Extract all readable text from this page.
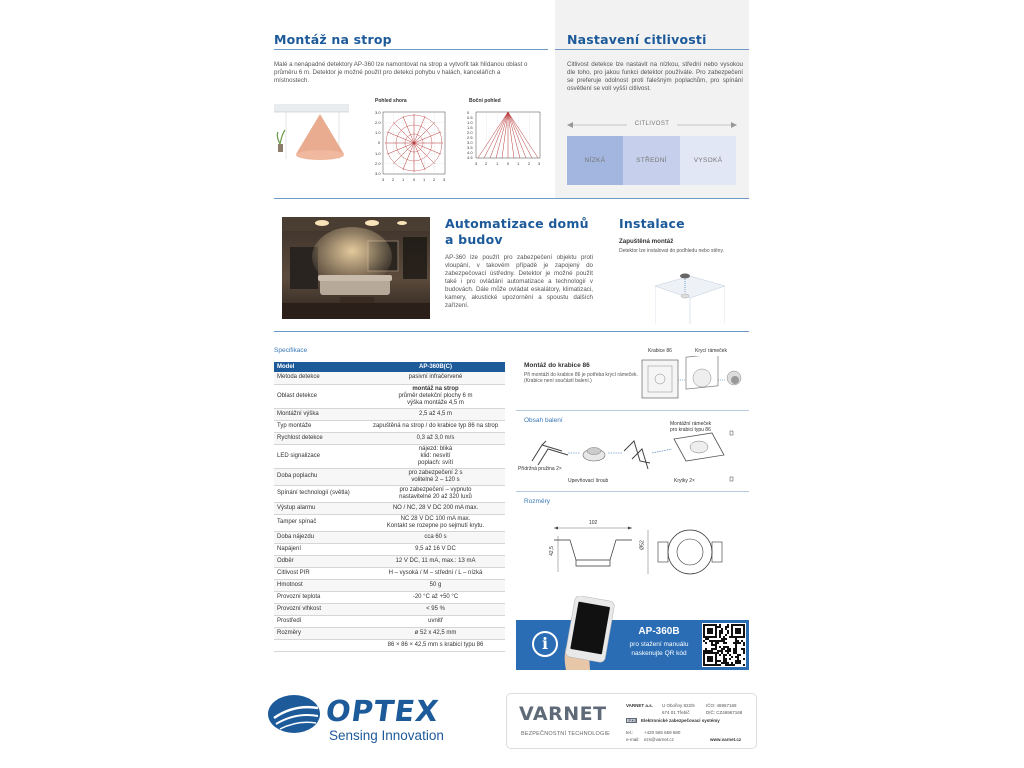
Montáž na strop

Malé a nenápadné detektory AP-360 lze namontovat na strop a vytvořit tak hlídanou oblast o průměru 6 m. Detektor je možné použít pro detekci pohybu v halách, kancelářích a místnostech.

Pohled shora
3.0
2.0
1.0
0
1.0
2.0
3.0
3 2 1 0 1 2 3
Boční pohled
3 2 1 0 1 2 3
0
0.5
1.0
1.5
2.0
2.5
3.0
3.5
4.0
4.5
Nastavení citlivosti

Citlivost detekce lze nastavit na nízkou, střední nebo vysokou dle toho, pro jakou funkci detektor používáte. Pro zabezpečení se preferuje odolnost proti falešným poplachům, pro spínání osvětlení se volí vyšší citlivost.

CITLIVOST
NÍZKÁ	STŘEDNÍ	VYSOKÁ
Automatizace domů
a budov

AP-360 lze použít pro zabezpečení objektu proti vloupání, v takovém případě je zapojený do zabezpečovací ústředny. Detektor je možné použít také i pro ovládání automatizace a technologií v budovách. Dále může ovládat eskalátory, klimatizaci, kamery, akustické upozornění a spoustu dalších zařízení.

Instalace
Zapuštěná montáž
Detektor lze instalovat do podhledu nebo stěny.
Specifikace
Model	AP-360B(C)
Metoda detekce	pasivní infračervené

Oblast detekce	montáž na strop
průměr detekční plochy 6 m
výška montáže 4,5 m

Montážní výška	2,5 až 4,5 m

Typ montáže	zapuštěná na strop / do krabice typ 86 na strop

Rychlost detekce	0,3 až 3,0 m/s

LED signalizace	nájezd: bliká
klid: nesvítí
poplach: svítí

Doba poplachu	pro zabezpečení 2 s
volitelné 2 – 120 s

Spínání technologií (světla)	pro zabezpečení – vypnuto
nastavitelné 20 až 320 luxů

Výstup alarmu	NO / NC, 28 V DC 200 mA max.

Tamper spínač	NC 28 V DC 100 mA max.
Kontakt se rozepne po sejmutí krytu.

Doba nájezdu	cca 60 s

Napájení	9,5 až 16 V DC

Odběr	12 V DC, 11 mA, max.: 13 mA

Citlivost PIR	H – vysoká / M – střední / L – nízká

Hmotnost	50 g

Provozní teplota	-20 °C až +50 °C

Provozní vlhkost	< 95 %

Prostředí	uvnitř

Rozměry	ø 52 x 42,5 mm

	86 × 86 × 42,5 mm s krabicí typu 86
Montáž do krabice 86
Při montáži do krabice 86 je potřeba krycí rámeček. (Krabice není součástí balení.)
Krabice 86	Krycí rámeček
Obsah balení
Přídržná pružina 2×
Upevňovací šroub
Montážní rámeček
pro krabici typu 86
Krytky 2×
Rozměry
102
42,5
Ø52
i
AP-360B
pro stažení manuálu
naskenujte QR kód
OPTEX
Sensing Innovation
VARNET
BEZPEČNOSTNÍ TECHNOLOGIE
VARNET a.s. U Obořiny 822/5
674 01 Třebíč
IČO: 46967168
DIČ: CZ46967168
EZS Elektronické zabezpečovací systémy
tel.: +420 565 659 680
e-mail: ezs@varnet.cz	www.varnet.cz
